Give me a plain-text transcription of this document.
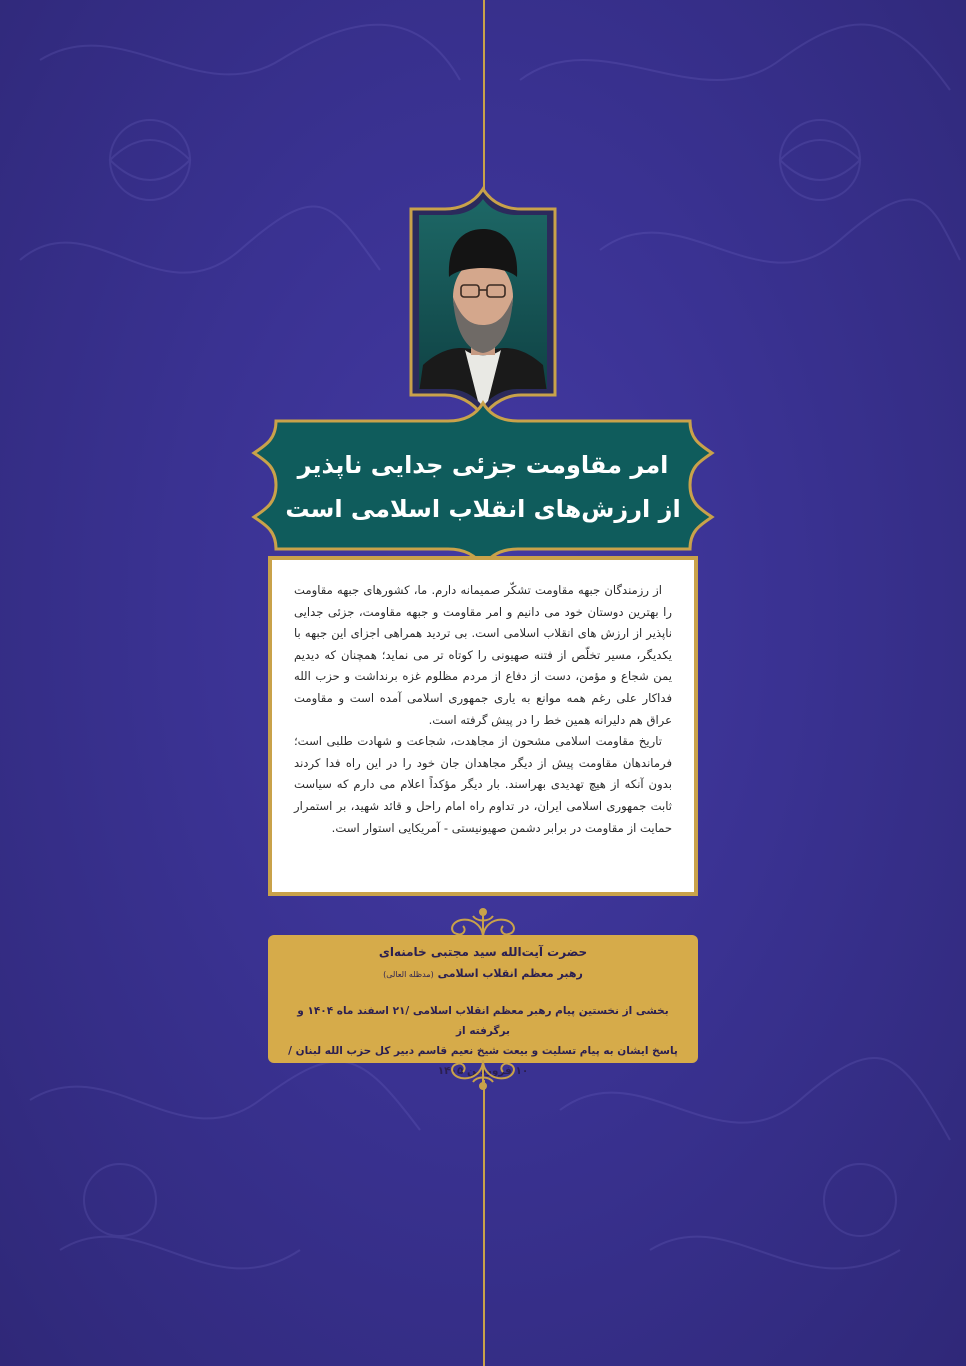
امر مقاومت جزئی جدایی ناپذیر
از ارزش‌های انقلاب اسلامی است

از رزمندگان جبهه مقاومت تشکّر صمیمانه دارم. ما، کشورهای جبهه مقاومت را بهترین دوستان خود می دانیم و امر مقاومت و جبهه مقاومت، جزئی جدایی ناپذیر از ارزش های انقلاب اسلامی است. بی تردید همراهی اجزای این جبهه با یکدیگر، مسیر تخلّص از فتنه صهیونی را کوتاه تر می نماید؛ همچنان که دیدیم یمن شجاع و مؤمن، دست از دفاع از مردم مظلوم غزه برنداشت و حزب الله فداکار علی رغم همه موانع به یاری جمهوری اسلامی آمده است و مقاومت عراق هم دلیرانه همین خط را در پیش گرفته است.

تاریخ مقاومت اسلامی مشحون از مجاهدت، شجاعت و شهادت طلبی است؛ فرماندهان مقاومت پیش از دیگر مجاهدان جان خود را در این راه فدا کردند بدون آنکه از هیچ تهدیدی بهراسند. بار دیگر مؤکداً اعلام می دارم که سیاست ثابت جمهوری اسلامی ایران، در تداوم راه امام راحل و قائد شهید، بر استمرار حمایت از مقاومت در برابر دشمن صهیونیستی - آمریکایی استوار است.

حضرت آیت‌الله سید مجتبی خامنه‌ای
رهبر معظم انقلاب اسلامی (مدظله العالی)
بخشی از نخستین پیام رهبر معظم انقلاب اسلامی /۲۱ اسفند ماه ۱۴۰۴ و برگرفته از
پاسخ ایشان به پیام تسلیت و بیعت شیخ نعیم قاسم دبیر کل حزب الله لبنان /۱۰ فروردین ۱۴۰۵
